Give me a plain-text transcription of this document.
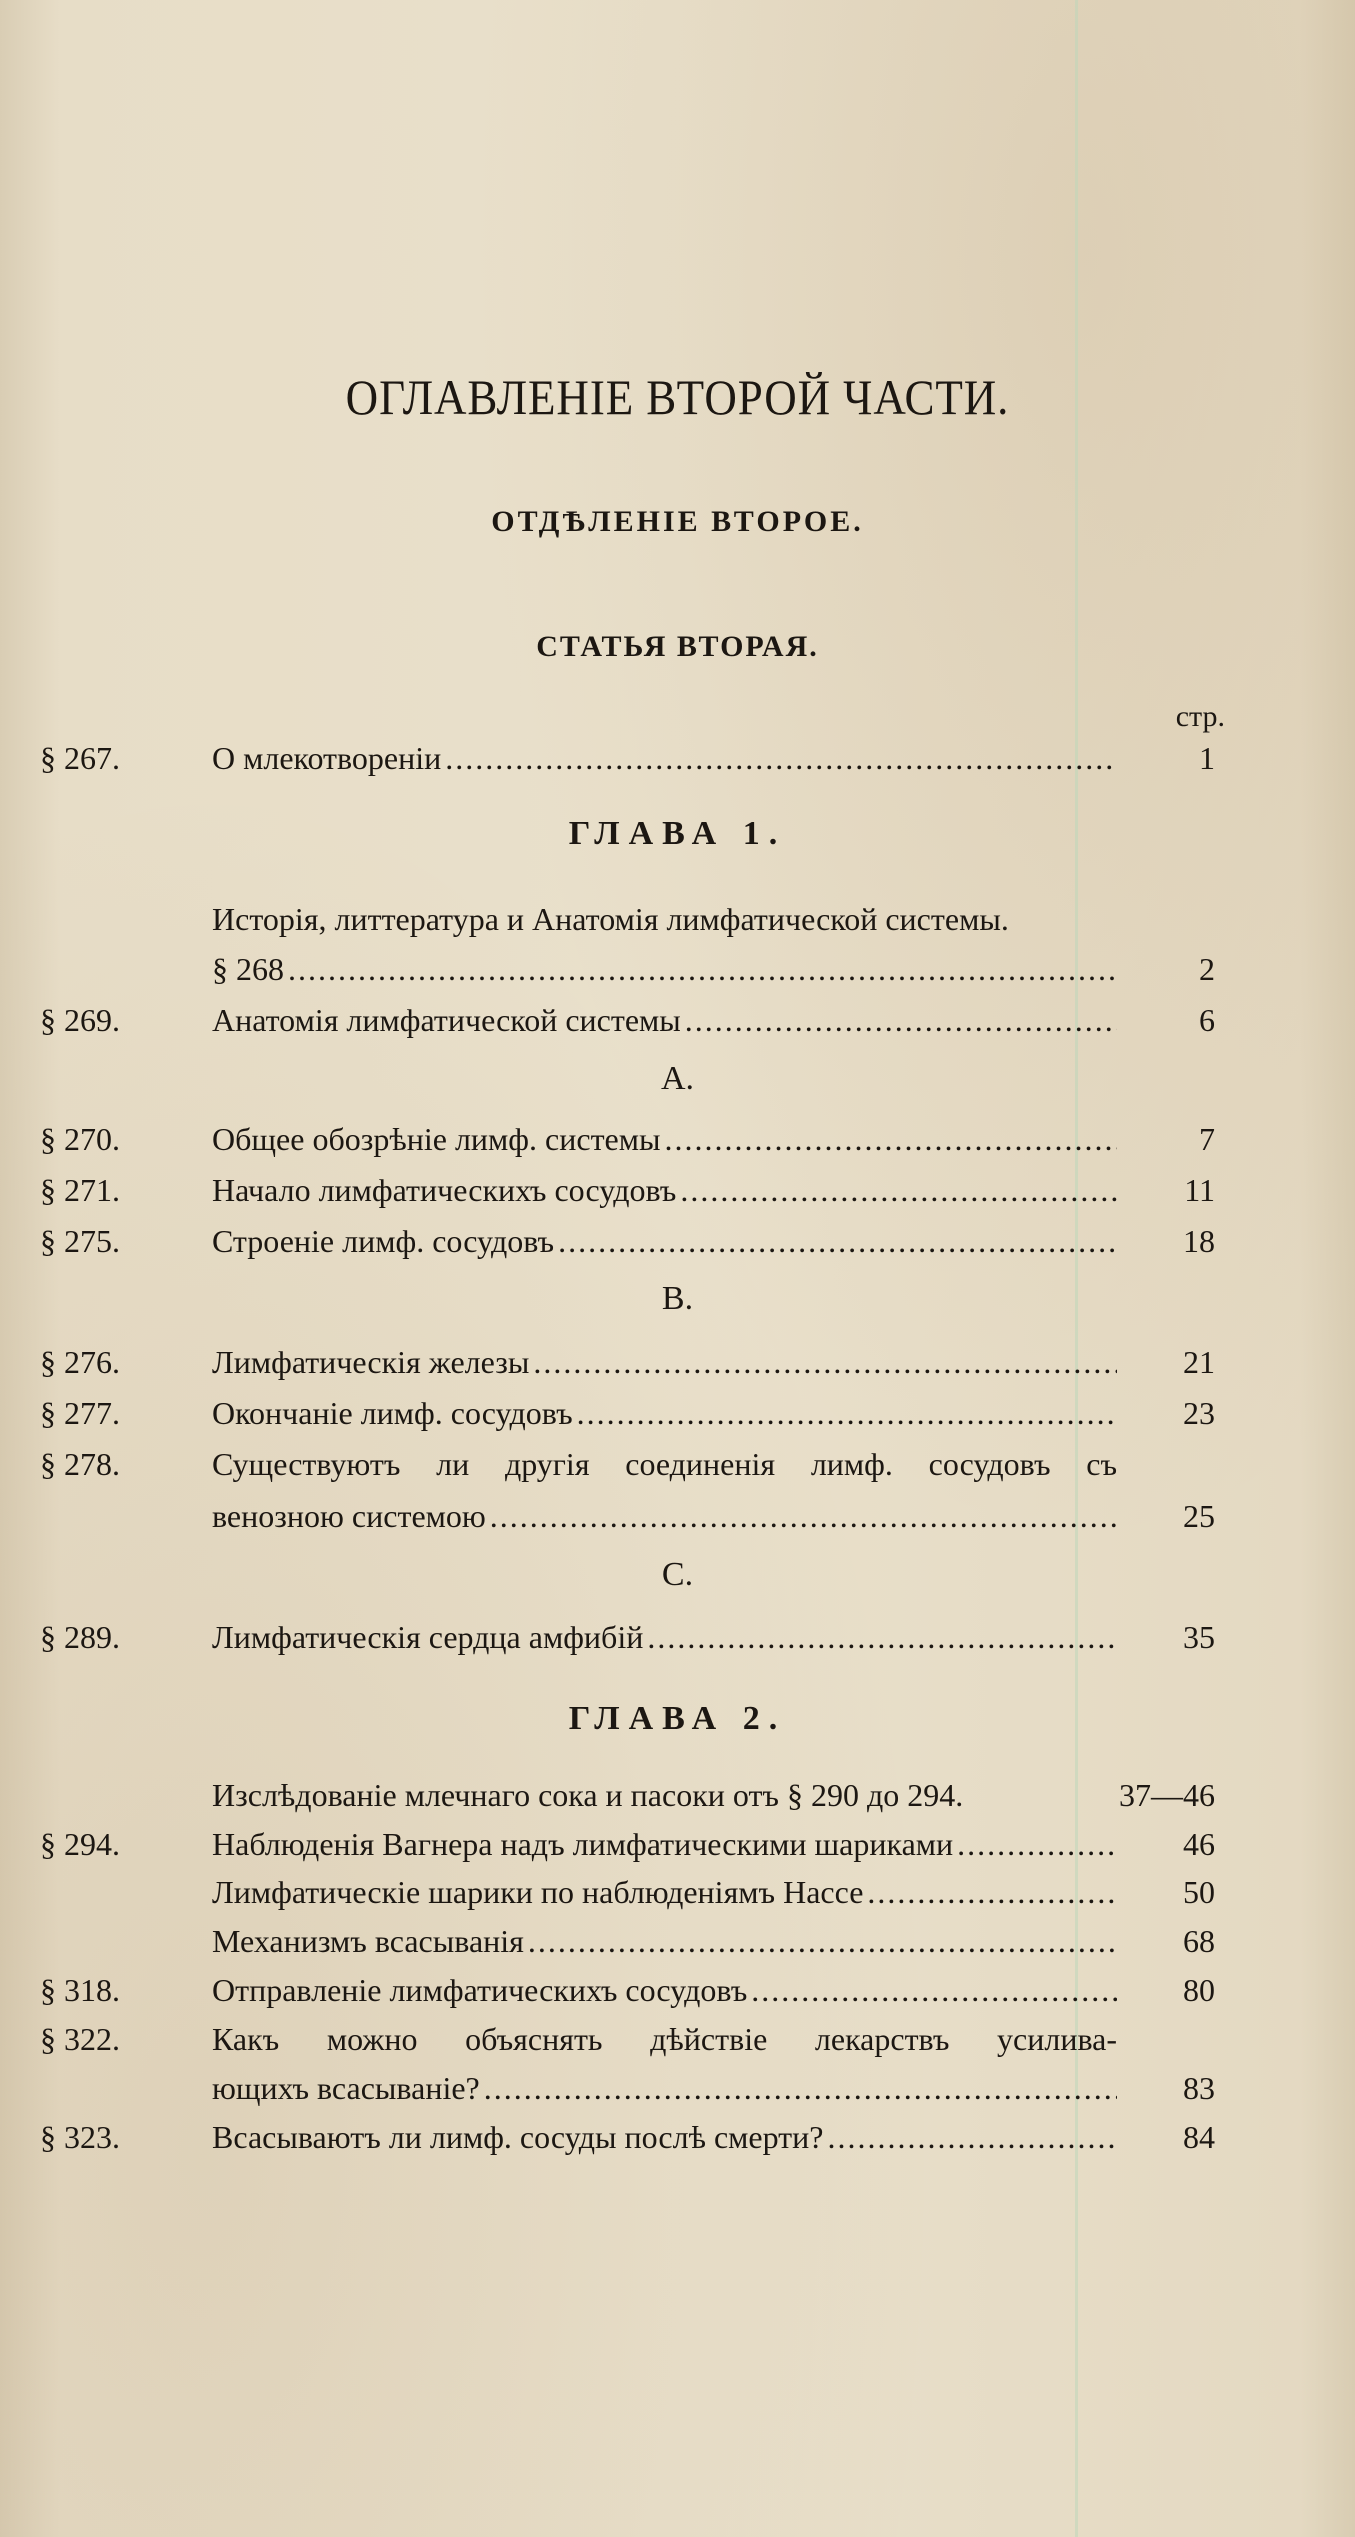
ОГЛАВЛЕНІЕ ВТОРОЙ ЧАСТИ.
ОТДѢЛЕНІЕ ВТОРОЕ.
СТАТЬЯ ВТОРАЯ.
стр.
§ 267.	О млекотвореніи .....	1
ГЛАВА 1.
Исторія, литтература и Анатомія лимфатической системы.
§ 268 .....	2
§ 269.	Анатомія лимфатической системы .....	6
A.
§ 270.	Общее обозрѣніе лимф. системы .....	7
§ 271.	Начало лимфатическихъ сосудовъ .....	11
§ 275.	Строеніе лимф. сосудовъ .....	18
B.
§ 276.	Лимфатическія железы .....	21
§ 277.	Окончаніе лимф. сосудовъ .....	23
§ 278.	Существуютъ ли другія соединенія лимф. сосудовъ съ
венозною системою .....	25
C.
§ 289.	Лимфатическія сердца амфибій .....	35
ГЛАВА 2.
Изслѣдованіе млечнаго сока и пасоки отъ § 290 до 294.	37—46
§ 294.	Наблюденія Вагнера надъ лимфатическими шариками .....	46
Лимфатическіе шарики по наблюденіямъ Нассе .....	50
Механизмъ всасыванія .....	68
§ 318.	Отправленіе лимфатическихъ сосудовъ .....	80
§ 322.	Какъ можно объяснять дѣйствіе лекарствъ усилива-
ющихъ всасываніе? .....	83
§ 323.	Всасываютъ ли лимф. сосуды послѣ смерти? .....	84
